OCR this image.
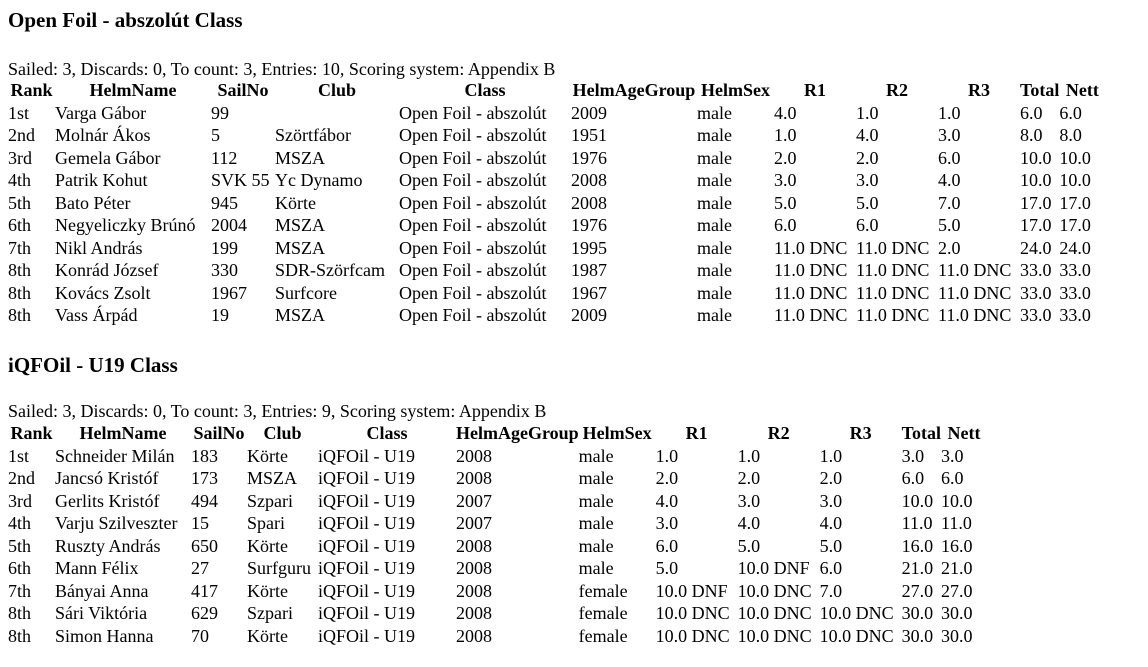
Open Foil - abszolút Class

Sailed: 3, Discards: 0, To count: 3, Entries: 10, Scoring system: Appendix B

Rank	HelmName	SailNo	Club	Class	HelmAgeGroup	HelmSex	R1	R2	R3	Total	Nett
1st	Varga Gábor	99		Open Foil - abszolút	2009	male	4.0	1.0	1.0	6.0	6.0
2nd	Molnár Ákos	5	Szörtfábor	Open Foil - abszolút	1951	male	1.0	4.0	3.0	8.0	8.0
3rd	Gemela Gábor	112	MSZA	Open Foil - abszolút	1976	male	2.0	2.0	6.0	10.0	10.0
4th	Patrik Kohut	SVK 55	Yc Dynamo	Open Foil - abszolút	2008	male	3.0	3.0	4.0	10.0	10.0
5th	Bato Péter	945	Körte	Open Foil - abszolút	2008	male	5.0	5.0	7.0	17.0	17.0
6th	Negyeliczky Brúnó	2004	MSZA	Open Foil - abszolút	1976	male	6.0	6.0	5.0	17.0	17.0
7th	Nikl András	199	MSZA	Open Foil - abszolút	1995	male	11.0 DNC	11.0 DNC	2.0	24.0	24.0
8th	Konrád József	330	SDR-Szörfcam	Open Foil - abszolút	1987	male	11.0 DNC	11.0 DNC	11.0 DNC	33.0	33.0
8th	Kovács Zsolt	1967	Surfcore	Open Foil - abszolút	1967	male	11.0 DNC	11.0 DNC	11.0 DNC	33.0	33.0
8th	Vass Árpád	19	MSZA	Open Foil - abszolút	2009	male	11.0 DNC	11.0 DNC	11.0 DNC	33.0	33.0
iQFOil - U19 Class

Sailed: 3, Discards: 0, To count: 3, Entries: 9, Scoring system: Appendix B

Rank	HelmName	SailNo	Club	Class	HelmAgeGroup	HelmSex	R1	R2	R3	Total	Nett
1st	Schneider Milán	183	Körte	iQFOil - U19	2008	male	1.0	1.0	1.0	3.0	3.0
2nd	Jancsó Kristóf	173	MSZA	iQFOil - U19	2008	male	2.0	2.0	2.0	6.0	6.0
3rd	Gerlits Kristóf	494	Szpari	iQFOil - U19	2007	male	4.0	3.0	3.0	10.0	10.0
4th	Varju Szilveszter	15	Spari	iQFOil - U19	2007	male	3.0	4.0	4.0	11.0	11.0
5th	Ruszty András	650	Körte	iQFOil - U19	2008	male	6.0	5.0	5.0	16.0	16.0
6th	Mann Félix	27	Surfguru	iQFOil - U19	2008	male	5.0	10.0 DNF	6.0	21.0	21.0
7th	Bányai Anna	417	Körte	iQFOil - U19	2008	female	10.0 DNF	10.0 DNC	7.0	27.0	27.0
8th	Sári Viktória	629	Szpari	iQFOil - U19	2008	female	10.0 DNC	10.0 DNC	10.0 DNC	30.0	30.0
8th	Simon Hanna	70	Körte	iQFOil - U19	2008	female	10.0 DNC	10.0 DNC	10.0 DNC	30.0	30.0
